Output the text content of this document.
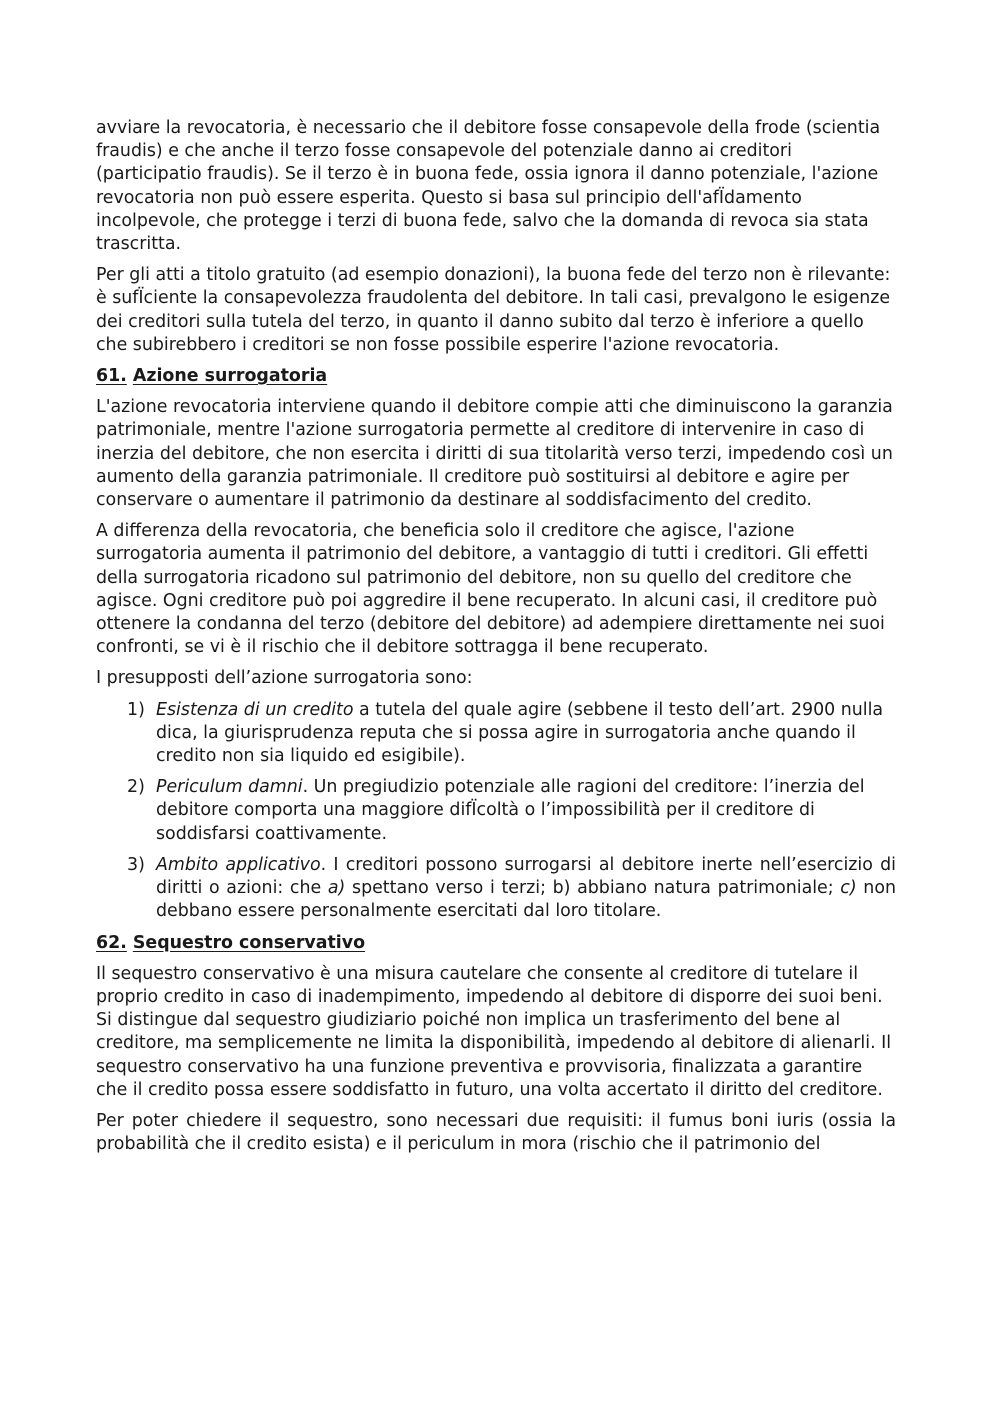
avviare la revocatoria, è necessario che il debitore fosse consapevole della frode (scientia fraudis) e che anche il terzo fosse consapevole del potenziale danno ai creditori (participatio fraudis). Se il terzo è in buona fede, ossia ignora il danno potenziale, l'azione revocatoria non può essere esperita. Questo si basa sul principio dell'afÏdamento incolpevole, che protegge i terzi di buona fede, salvo che la domanda di revoca sia stata trascritta.

Per gli atti a titolo gratuito (ad esempio donazioni), la buona fede del terzo non è rilevante: è sufÏciente la consapevolezza fraudolenta del debitore. In tali casi, prevalgono le esigenze dei creditori sulla tutela del terzo, in quanto il danno subito dal terzo è inferiore a quello che subirebbero i creditori se non fosse possibile esperire l'azione revocatoria.

61. Azione surrogatoria

L'azione revocatoria interviene quando il debitore compie atti che diminuiscono la garanzia patrimoniale, mentre l'azione surrogatoria permette al creditore di intervenire in caso di inerzia del debitore, che non esercita i diritti di sua titolarità verso terzi, impedendo così un aumento della garanzia patrimoniale. Il creditore può sostituirsi al debitore e agire per conservare o aumentare il patrimonio da destinare al soddisfacimento del credito.

A differenza della revocatoria, che beneficia solo il creditore che agisce, l'azione surrogatoria aumenta il patrimonio del debitore, a vantaggio di tutti i creditori. Gli effetti della surrogatoria ricadono sul patrimonio del debitore, non su quello del creditore che agisce. Ogni creditore può poi aggredire il bene recuperato. In alcuni casi, il creditore può ottenere la condanna del terzo (debitore del debitore) ad adempiere direttamente nei suoi confronti, se vi è il rischio che il debitore sottragga il bene recuperato.

I presupposti dell’azione surrogatoria sono:

1) Esistenza di un credito a tutela del quale agire (sebbene il testo dell’art. 2900 nulla dica, la giurisprudenza reputa che si possa agire in surrogatoria anche quando il credito non sia liquido ed esigibile).
2) Periculum damni. Un pregiudizio potenziale alle ragioni del creditore: l’inerzia del debitore comporta una maggiore difÏcoltà o l’impossibilità per il creditore di soddisfarsi coattivamente.
3) Ambito applicativo. I creditori possono surrogarsi al debitore inerte nell’esercizio di diritti o azioni: che a) spettano verso i terzi; b) abbiano natura patrimoniale; c) non debbano essere personalmente esercitati dal loro titolare.
62. Sequestro conservativo

Il sequestro conservativo è una misura cautelare che consente al creditore di tutelare il proprio credito in caso di inadempimento, impedendo al debitore di disporre dei suoi beni. Si distingue dal sequestro giudiziario poiché non implica un trasferimento del bene al creditore, ma semplicemente ne limita la disponibilità, impedendo al debitore di alienarli. Il sequestro conservativo ha una funzione preventiva e provvisoria, finalizzata a garantire che il credito possa essere soddisfatto in futuro, una volta accertato il diritto del creditore.

Per poter chiedere il sequestro, sono necessari due requisiti: il fumus boni iuris (ossia la probabilità che il credito esista) e il periculum in mora (rischio che il patrimonio del
